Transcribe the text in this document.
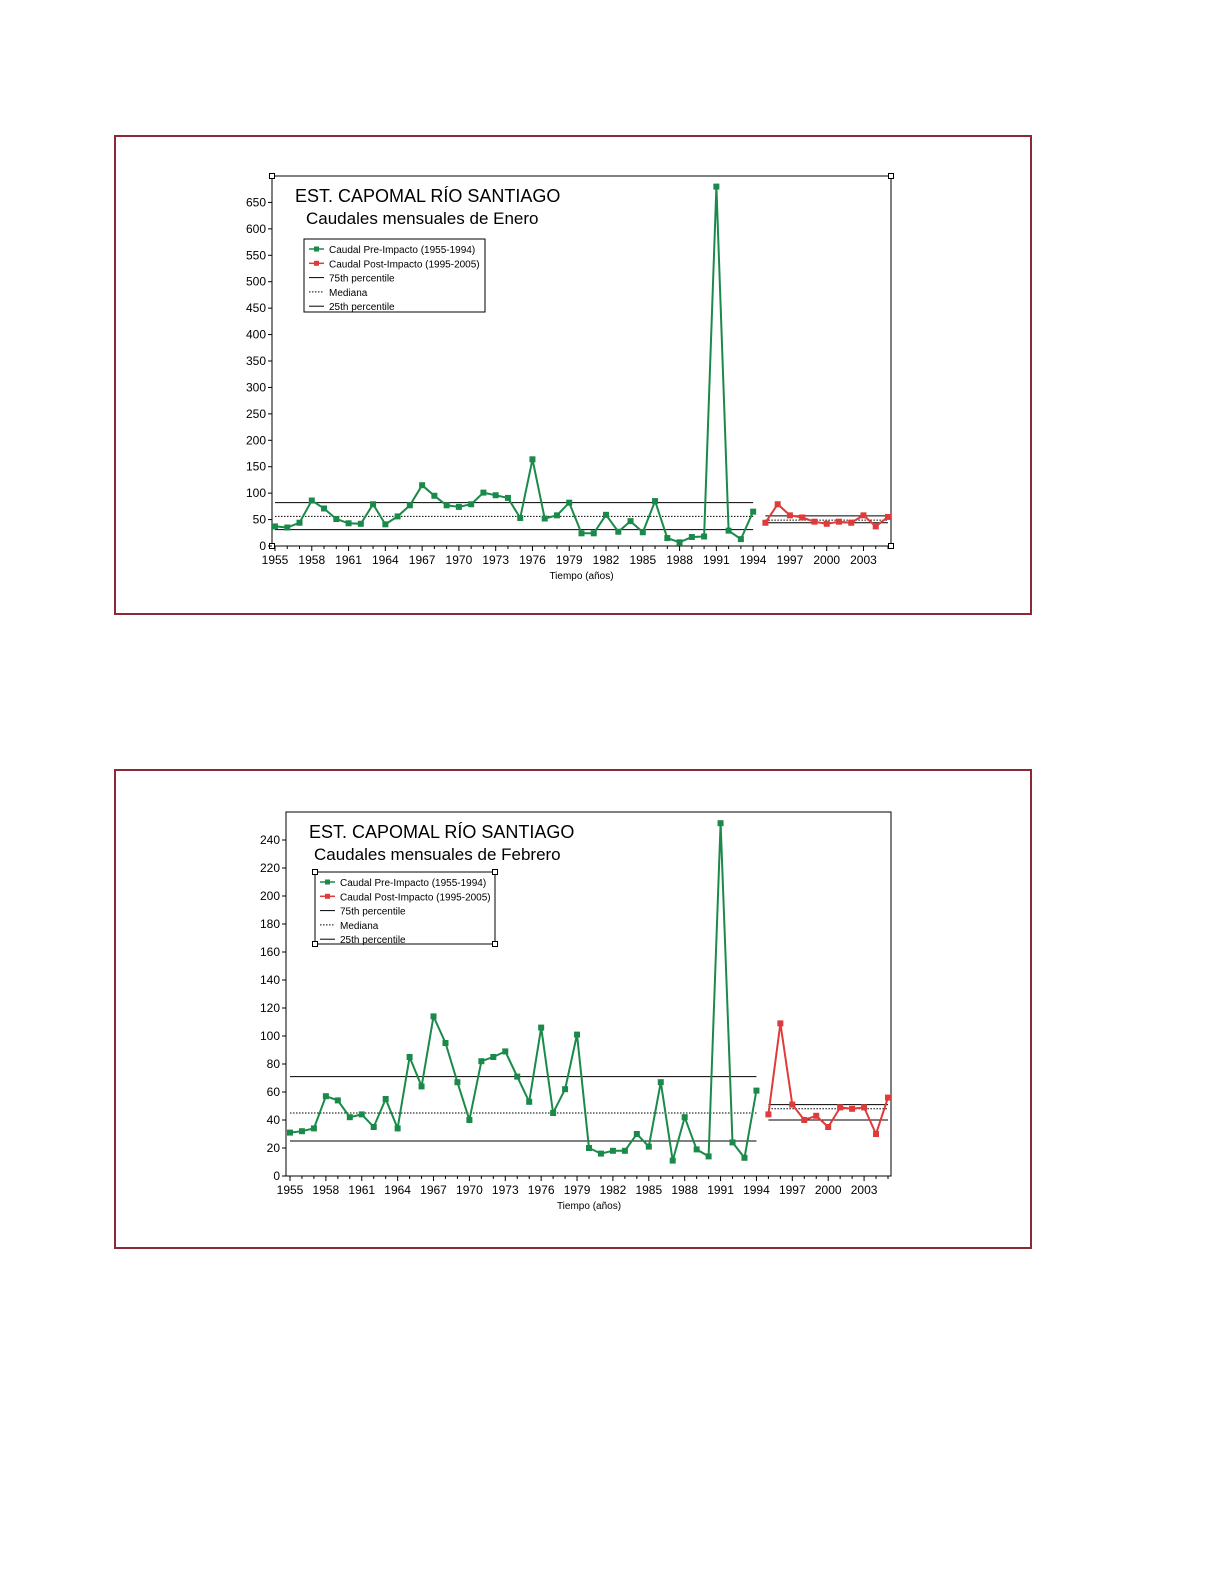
0
50
100
150
200
250
300
350
400
450
500
550
600
650
1955 1958 1961 1964 1967 1970 1973 1976 1979 1982 1985 1988 1991 1994 1997 2000 2003
Tiempo (años)
EST. CAPOMAL RÍO SANTIAGO
Caudales mensuales de Enero
Caudal Pre-Impacto (1955-1994)
Caudal Post-Impacto (1995-2005)
75th percentile
Mediana
25th percentile
0
20
40
60
80
100
120
140
160
180
200
220
240
1955 1958 1961 1964 1967 1970 1973 1976 1979 1982 1985 1988 1991 1994 1997 2000 2003
Tiempo (años)
EST. CAPOMAL RÍO SANTIAGO
Caudales mensuales de Febrero
Caudal Pre-Impacto (1955-1994)
Caudal Post-Impacto (1995-2005)
75th percentile
Mediana
25th percentile
